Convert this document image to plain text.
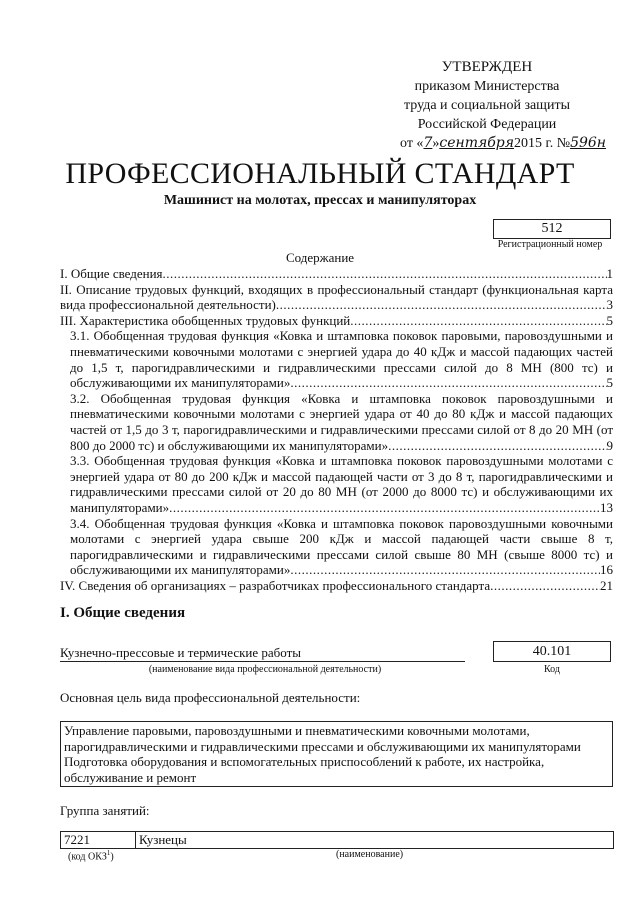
УТВЕРЖДЕН
приказом Министерства
труда и социальной защиты
Российской Федерации
от «7»сентября2015 г. №596н
ПРОФЕССИОНАЛЬНЫЙ СТАНДАРТ
Машинист на молотах, прессах и манипуляторах
512
Регистрационный номер
Содержание
I. Общие сведения .....	1
II. Описание трудовых функций, входящих в профессиональный стандарт (функциональная карта
вида профессиональной деятельности) .....	3
III. Характеристика обобщенных трудовых функций .....	5
3.1. Обобщенная трудовая функция «Ковка и штамповка поковок паровыми, паровоздушными и
пневматическими ковочными молотами с энергией удара до 40 кДж и массой падающих частей
до 1,5 т, парогидравлическими и гидравлическими прессами силой до 8 МН (800 тс) и
обслуживающими их манипуляторами» .....	5
3.2. Обобщенная трудовая функция «Ковка и штамповка поковок паровоздушными и
пневматическими ковочными молотами с энергией удара от 40 до 80 кДж и массой падающих
частей от 1,5 до 3 т, парогидравлическими и гидравлическими прессами силой от 8 до 20 МН (от
800 до 2000 тс) и обслуживающими их манипуляторами» .....	9
3.3. Обобщенная трудовая функция «Ковка и штамповка поковок паровоздушными молотами с
энергией удара от 80 до 200 кДж и массой падающей части от 3 до 8 т, парогидравлическими и
гидравлическими прессами силой от 20 до 80 МН (от 2000 до 8000 тс) и обслуживающими их
манипуляторами» .....	13
3.4. Обобщенная трудовая функция «Ковка и штамповка поковок паровоздушными ковочными
молотами с энергией удара свыше 200 кДж и массой падающей части свыше 8 т,
парогидравлическими и гидравлическими прессами силой свыше 80 МН (свыше 8000 тс) и
обслуживающими их манипуляторами» .....	16
IV. Сведения об организациях – разработчиках профессионального стандарта .....	21
I. Общие сведения
Кузнечно-прессовые и термические работы
(наименование вида профессиональной деятельности)
40.101
Код
Основная цель вида профессиональной деятельности:
Управление паровыми, паровоздушными и пневматическими ковочными молотами,
парогидравлическими и гидравлическими прессами и обслуживающими их манипуляторами
Подготовка оборудования и вспомогательных приспособлений к работе, их настройка,
обслуживание и ремонт
Группа занятий:
7221	Кузнецы
(код ОКЗ$^1$)	(наименование)
